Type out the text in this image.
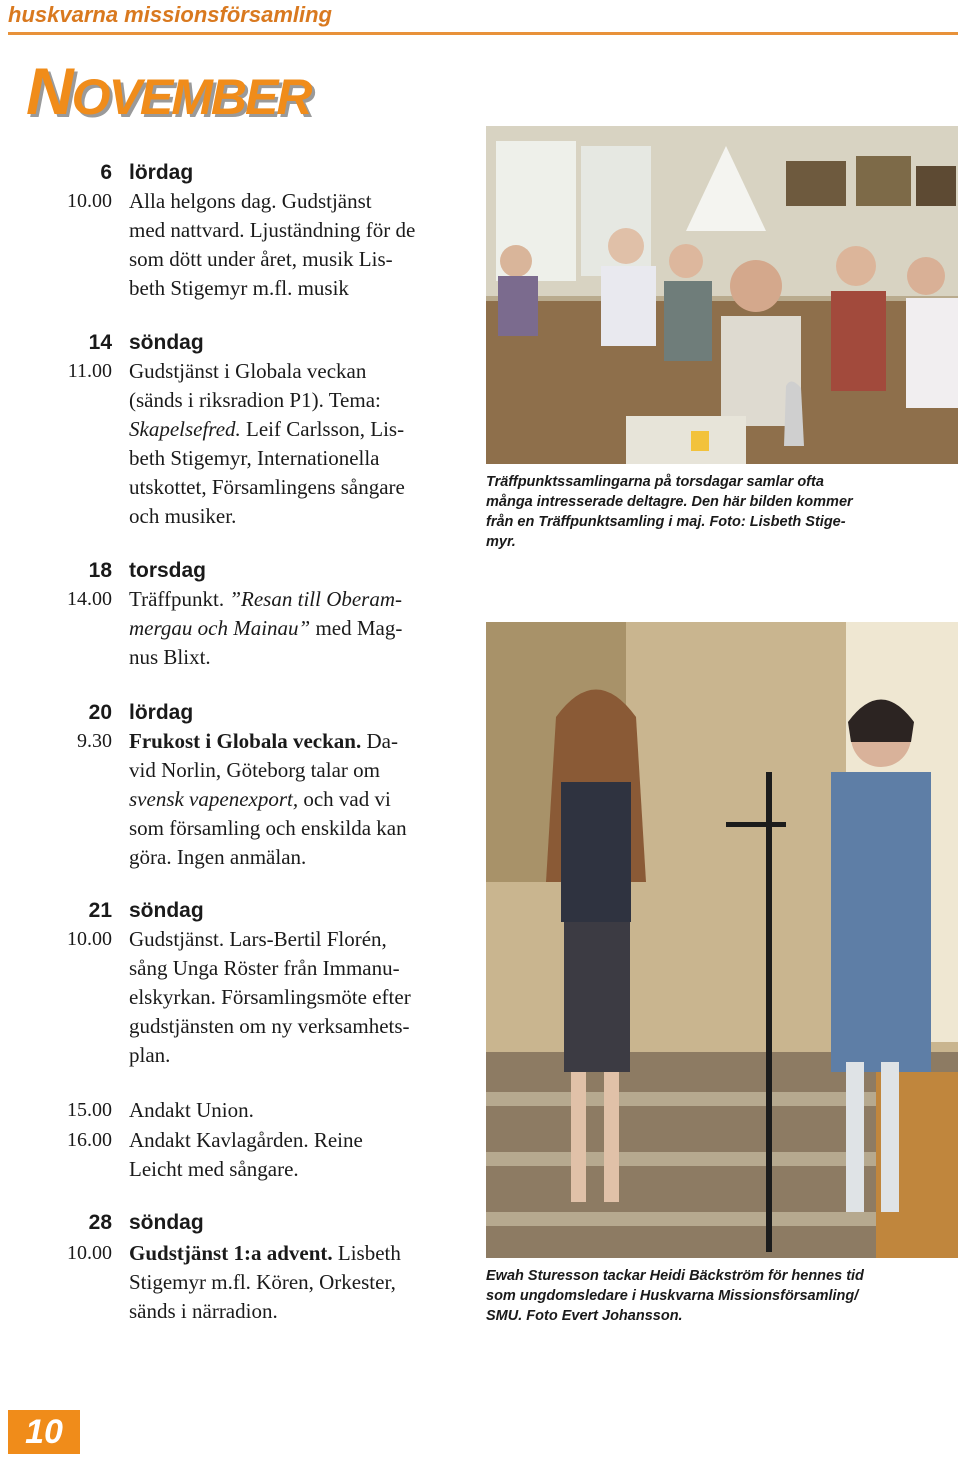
huskvarna missionsförsamling
NOVEMBER
6 lördag
10.00 Alla helgons dag. Gudstjänst
med nattvard. Ljuständning för de
som dött under året, musik Lis-
beth Stigemyr m.fl. musik
14 söndag
11.00 Gudstjänst i Globala veckan
(sänds i riksradion P1). Tema:
Skapelsefred. Leif Carlsson, Lis-
beth Stigemyr, Internationella
utskottet, Församlingens sångare
och musiker.
18 torsdag
14.00 Träffpunkt. ”Resan till Oberam-
mergau och Mainau” med Mag-
nus Blixt.
20 lördag
9.30 Frukost i Globala veckan. Da-
vid Norlin, Göteborg talar om
svensk vapenexport, och vad vi
som församling och enskilda kan
göra. Ingen anmälan.
21 söndag
10.00 Gudstjänst. Lars-Bertil Florén,
sång Unga Röster från Immanu-
elskyrkan. Församlingsmöte efter
gudstjänsten om ny verksamhets-
plan.
15.00 Andakt Union.
16.00 Andakt Kavlagården. Reine
Leicht med sångare.
28 söndag
10.00 Gudstjänst 1:a advent. Lisbeth
Stigemyr m.fl. Kören, Orkester,
sänds i närradion.
Träffpunktssamlingarna på torsdagar samlar ofta
många intresserade deltagre. Den här bilden kommer
från en Träffpunktsamling i maj. Foto: Lisbeth Stige-
myr.
Ewah Sturesson tackar Heidi Bäckström för hennes tid
som ungdomsledare i Huskvarna Missionsförsamling/
SMU. Foto Evert Johansson.
10
